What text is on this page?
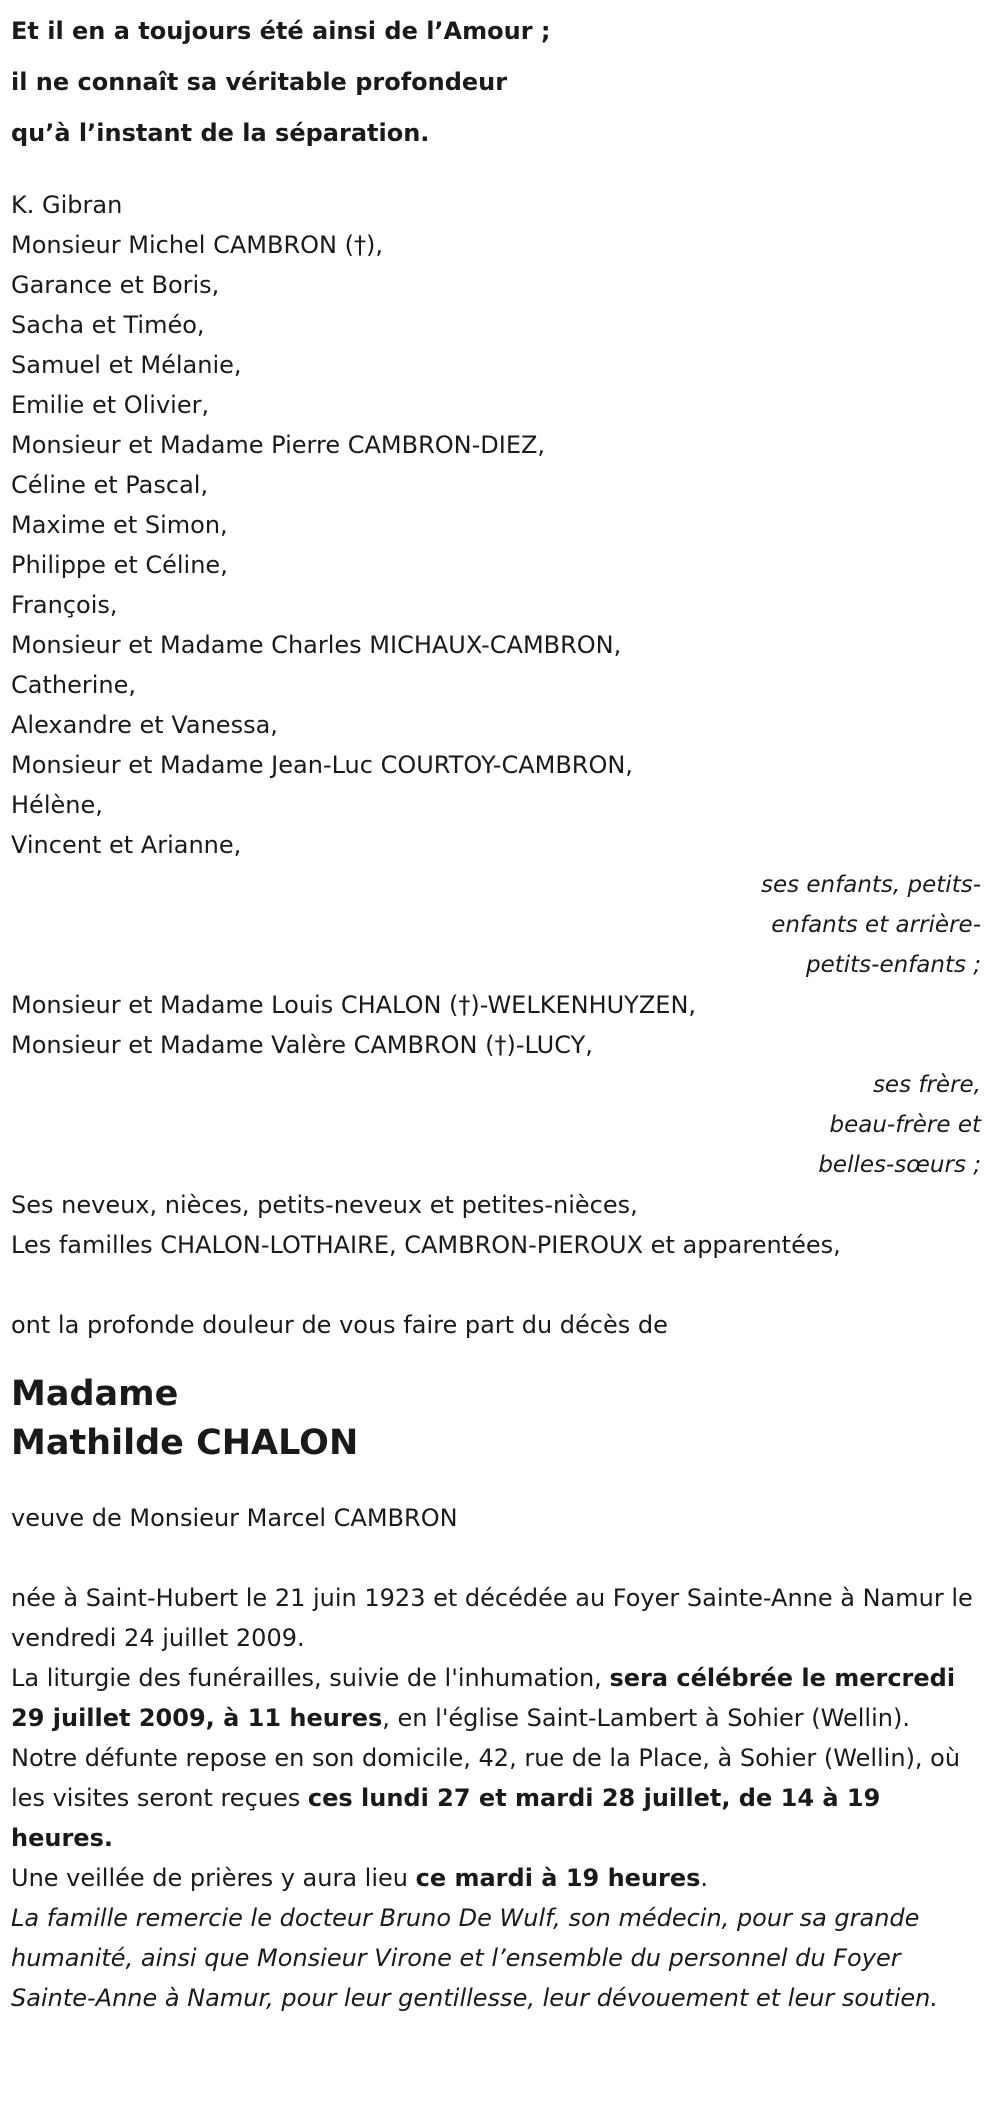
Et il en a toujours été ainsi de l’Amour ;
il ne connaît sa véritable profondeur
qu’à l’instant de la séparation.
K. Gibran
Monsieur Michel CAMBRON (†),
Garance et Boris,
Sacha et Timéo,
Samuel et Mélanie,
Emilie et Olivier,
Monsieur et Madame Pierre CAMBRON-DIEZ,
Céline et Pascal,
Maxime et Simon,
Philippe et Céline,
François,
Monsieur et Madame Charles MICHAUX-CAMBRON,
Catherine,
Alexandre et Vanessa,
Monsieur et Madame Jean-Luc COURTOY-CAMBRON,
Hélène,
Vincent et Arianne,
ses enfants, petits-
enfants et arrière-
petits-enfants ;
Monsieur et Madame Louis CHALON (†)-WELKENHUYZEN,
Monsieur et Madame Valère CAMBRON (†)-LUCY,
ses frère,
beau-frère et
belles-sœurs ;
Ses neveux, nièces, petits-neveux et petites-nièces,
Les familles CHALON-LOTHAIRE, CAMBRON-PIEROUX et apparentées,
ont la profonde douleur de vous faire part du décès de
Madame
Mathilde CHALON
veuve de Monsieur Marcel CAMBRON
née à Saint-Hubert le 21 juin 1923 et décédée au Foyer Sainte-Anne à Namur le vendredi 24 juillet 2009.
La liturgie des funérailles, suivie de l'inhumation, sera célébrée le mercredi 29 juillet 2009, à 11 heures, en l'église Saint-Lambert à Sohier (Wellin).
Notre défunte repose en son domicile, 42, rue de la Place, à Sohier (Wellin), où les visites seront reçues ces lundi 27 et mardi 28 juillet, de 14 à 19 heures.
Une veillée de prières y aura lieu ce mardi à 19 heures.
La famille remercie le docteur Bruno De Wulf, son médecin, pour sa grande humanité, ainsi que Monsieur Virone et l’ensemble du personnel du Foyer Sainte-Anne à Namur, pour leur gentillesse, leur dévouement et leur soutien.
